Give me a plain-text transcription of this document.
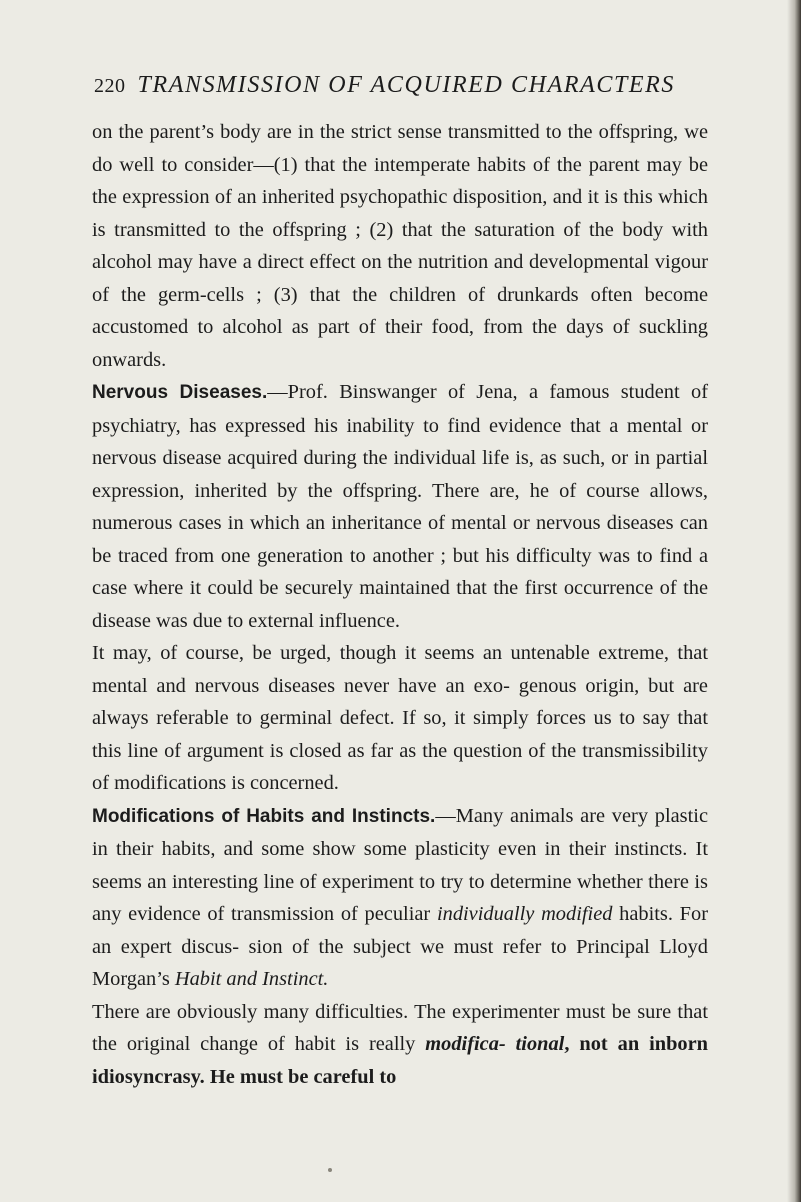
220 TRANSMISSION OF ACQUIRED CHARACTERS

on the parent’s body are in the strict sense transmitted to the offspring, we do well to consider—(1) that the intemperate habits of the parent may be the expression of an inherited psychopathic disposition, and it is this which is transmitted to the offspring ; (2) that the saturation of the body with alcohol may have a direct effect on the nutrition and developmental vigour of the germ-cells ; (3) that the children of drunkards often become accustomed to alcohol as part of their food, from the days of suckling onwards.

Nervous Diseases.—Prof. Binswanger of Jena, a famous student of psychiatry, has expressed his inability to find evidence that a mental or nervous disease acquired during the individual life is, as such, or in partial expression, inherited by the offspring. There are, he of course allows, numerous cases in which an inheritance of mental or nervous diseases can be traced from one generation to another ; but his difficulty was to find a case where it could be securely maintained that the first occurrence of the disease was due to external influence.

It may, of course, be urged, though it seems an untenable extreme, that mental and nervous diseases never have an exo- genous origin, but are always referable to germinal defect. If so, it simply forces us to say that this line of argument is closed as far as the question of the transmissibility of modifications is concerned.

Modifications of Habits and Instincts.—Many animals are very plastic in their habits, and some show some plasticity even in their instincts. It seems an interesting line of experiment to try to determine whether there is any evidence of transmission of peculiar individually modified habits. For an expert discus- sion of the subject we must refer to Principal Lloyd Morgan’s Habit and Instinct.

There are obviously many difficulties. The experimenter must be sure that the original change of habit is really modifica- tional, not an inborn idiosyncrasy. He must be careful to
